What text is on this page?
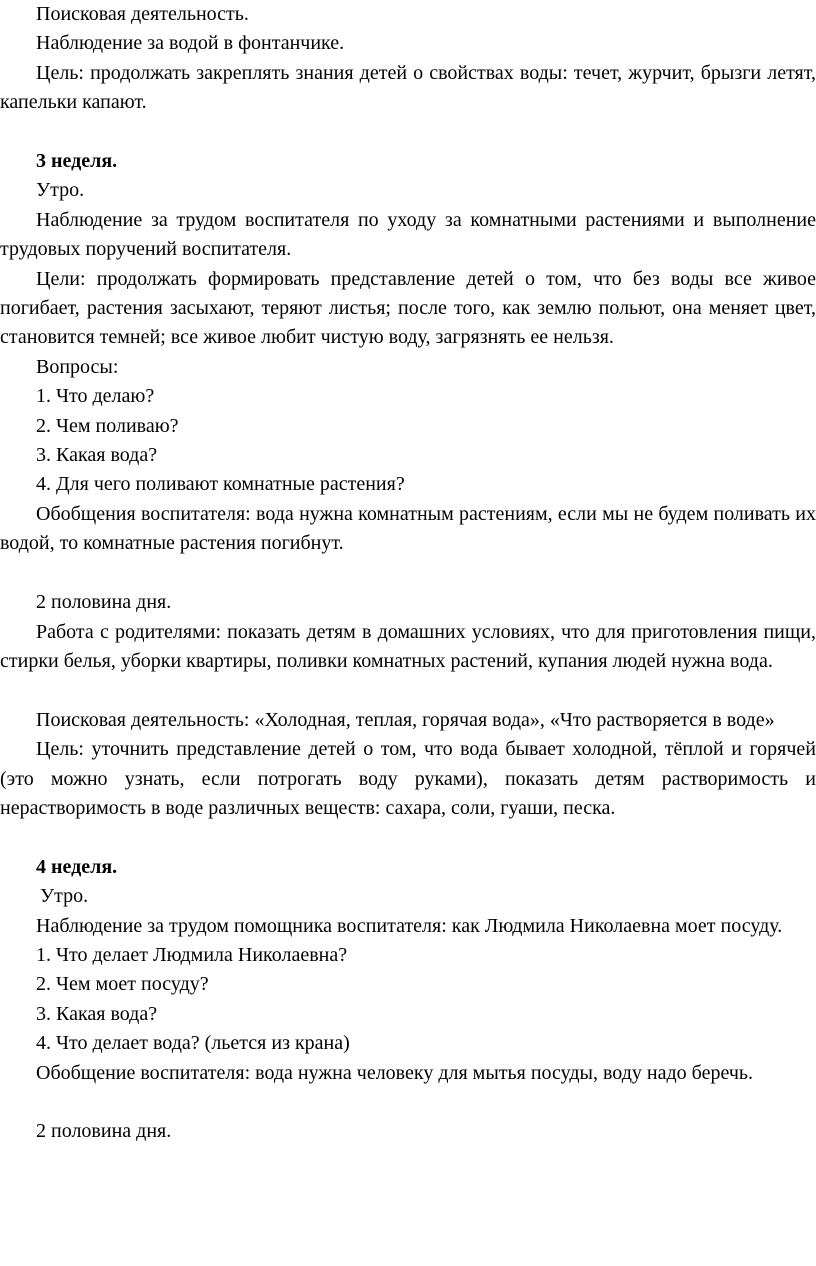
Поисковая деятельность.

Наблюдение за водой в фонтанчике.

Цель: продолжать закреплять знания детей о свойствах воды: течет, журчит, брызги летят, капельки капают.

3 неделя.

Утро.

Наблюдение за трудом воспитателя по уходу за комнатными растениями и выполнение трудовых поручений воспитателя.

Цели: продолжать формировать представление детей о том, что без воды все живое погибает, растения засыхают, теряют листья; после того, как землю польют, она меняет цвет, становится темней; все живое любит чистую воду, загрязнять ее нельзя.

Вопросы:

1. Что делаю?

2. Чем поливаю?

3. Какая вода?

4. Для чего поливают комнатные растения?

Обобщения воспитателя: вода нужна комнатным растениям, если мы не будем поливать их водой, то комнатные растения погибнут.

2 половина дня.

Работа с родителями: показать детям в домашних условиях, что для приготовления пищи, стирки белья, уборки квартиры, поливки комнатных растений, купания людей нужна вода.

Поисковая деятельность: «Холодная, теплая, горячая вода», «Что растворяется в воде»

Цель: уточнить представление детей о том, что вода бывает холодной, тёплой и горячей (это можно узнать, если потрогать воду руками), показать детям растворимость и нерастворимость в воде различных веществ: сахара, соли, гуаши, песка.

4 неделя.

Утро.

Наблюдение за трудом помощника воспитателя: как Людмила Николаевна моет посуду.

1. Что делает Людмила Николаевна?

2. Чем моет посуду?

3. Какая вода?

4. Что делает вода? (льется из крана)

Обобщение воспитателя: вода нужна человеку для мытья посуды, воду надо беречь.

2 половина дня.
